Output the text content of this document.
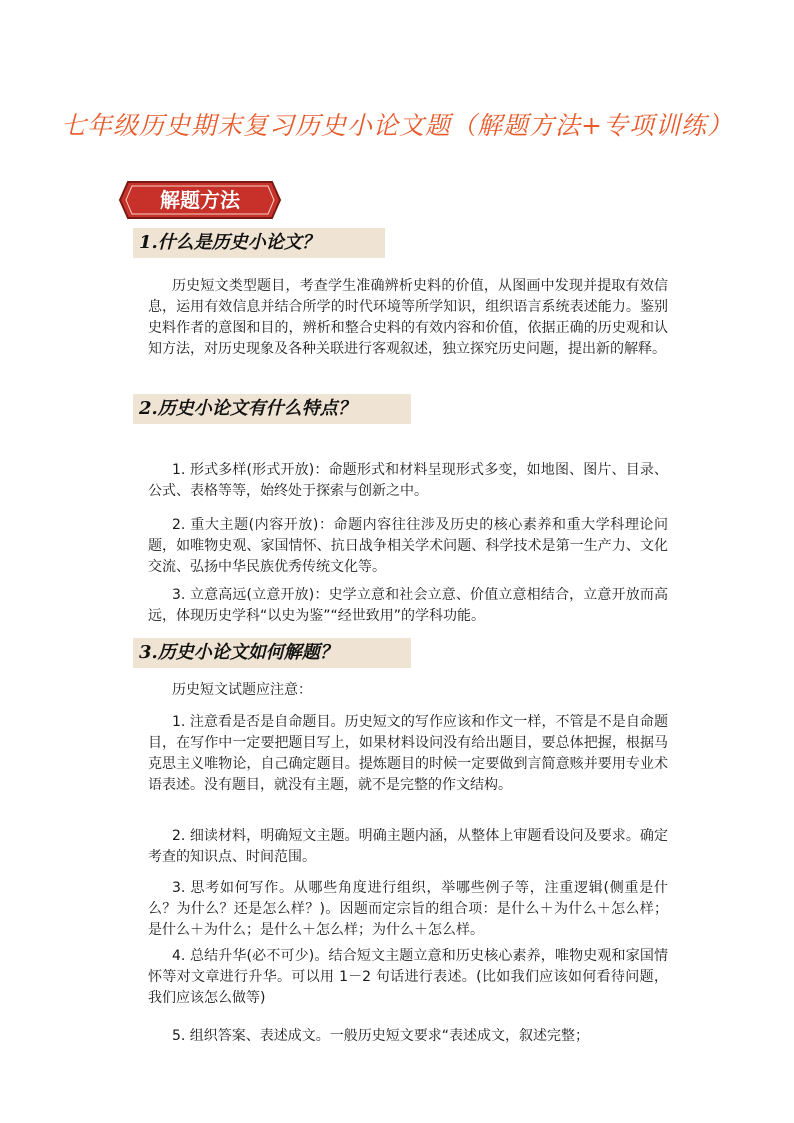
七年级历史期末复习历史小论文题（解题方法+专项训练）
解题方法
1.什么是历史小论文？
历史短文类型题目，考查学生准确辨析史料的价值，从图画中发现并提取有效信息，运用有效信息并结合所学的时代环境等所学知识，组织语言系统表述能力。鉴别史料作者的意图和目的，辨析和整合史料的有效内容和价值，依据正确的历史观和认知方法，对历史现象及各种关联进行客观叙述，独立探究历史问题，提出新的解释。
2.历史小论文有什么特点？
1. 形式多样(形式开放)：命题形式和材料呈现形式多变，如地图、图片、目录、公式、表格等等，始终处于探索与创新之中。
2. 重大主题(内容开放)：命题内容往往涉及历史的核心素养和重大学科理论问题，如唯物史观、家国情怀、抗日战争相关学术问题、科学技术是第一生产力、文化交流、弘扬中华民族优秀传统文化等。
3. 立意高远(立意开放)：史学立意和社会立意、价值立意相结合，立意开放而高远，体现历史学科“以史为鉴”“经世致用”的学科功能。
3.历史小论文如何解题？
历史短文试题应注意：
1. 注意看是否是自命题目。历史短文的写作应该和作文一样，不管是不是自命题目，在写作中一定要把题目写上，如果材料设问没有给出题目，要总体把握，根据马克思主义唯物论，自己确定题目。提炼题目的时候一定要做到言简意赅并要用专业术语表述。没有题目，就没有主题，就不是完整的作文结构。
2. 细读材料，明确短文主题。明确主题内涵，从整体上审题看设问及要求。确定考查的知识点、时间范围。
3. 思考如何写作。从哪些角度进行组织，举哪些例子等，注重逻辑(侧重是什么？为什么？还是怎么样？)。因题而定宗旨的组合项：是什么＋为什么＋怎么样；是什么＋为什么；是什么＋怎么样；为什么＋怎么样。
4. 总结升华(必不可少)。结合短文主题立意和历史核心素养，唯物史观和家国情怀等对文章进行升华。可以用 1－2 句话进行表述。(比如我们应该如何看待问题，我们应该怎么做等)
5. 组织答案、表述成文。一般历史短文要求“表述成文，叙述完整；
